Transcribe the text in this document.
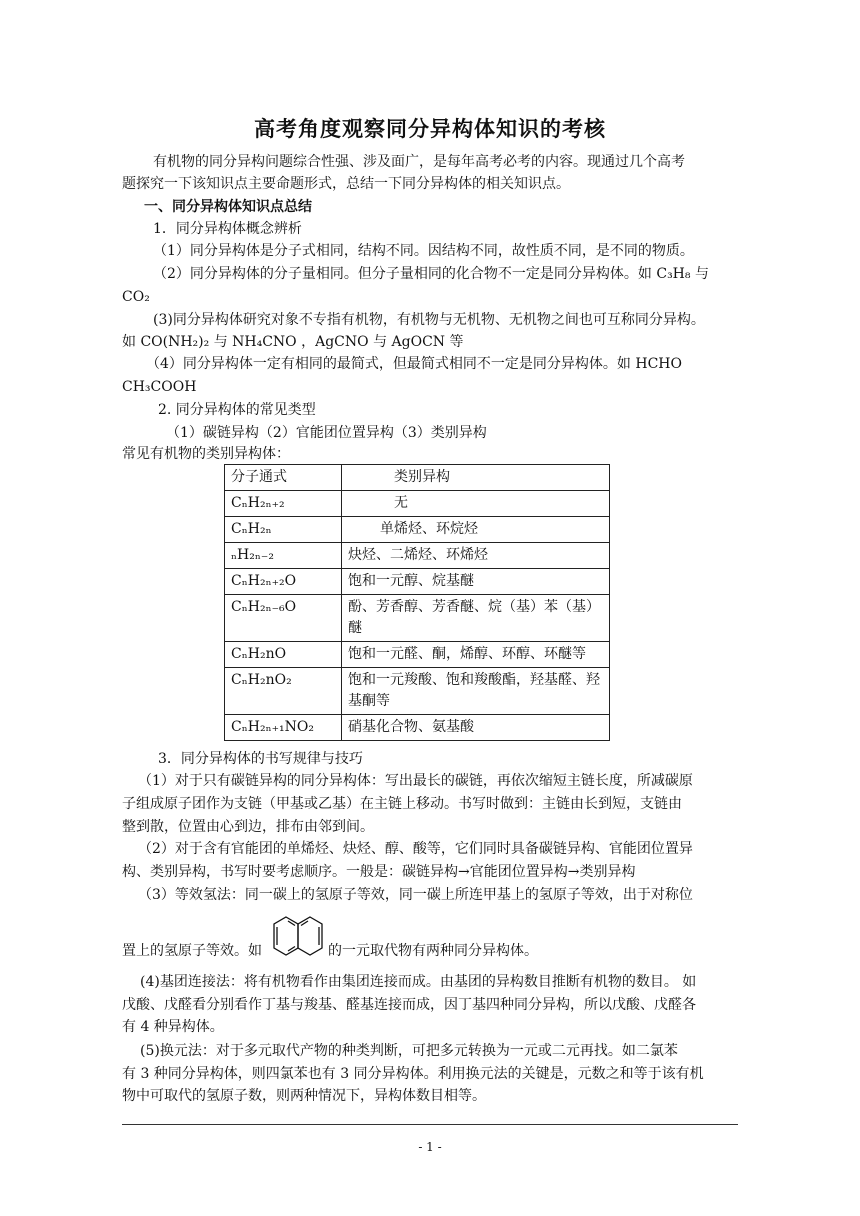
高考角度观察同分异构体知识的考核
有机物的同分异构问题综合性强、涉及面广，是每年高考必考的内容。现通过几个高考
题探究一下该知识点主要命题形式，总结一下同分异构体的相关知识点。
一、同分异构体知识点总结
1．同分异构体概念辨析
（1）同分异构体是分子式相同，结构不同。因结构不同，故性质不同，是不同的物质。
（2）同分异构体的分子量相同。但分子量相同的化合物不一定是同分异构体。如 C₃H₈ 与
CO₂
(3)同分异构体研究对象不专指有机物，有机物与无机物、无机物之间也可互称同分异构。
如 CO(NH₂)₂ 与 NH₄CNO ，AgCNO 与 AgOCN 等
（4）同分异构体一定有相同的最简式，但最简式相同不一定是同分异构体。如 HCHO
CH₃COOH
2. 同分异构体的常见类型
（1）碳链异构（2）官能团位置异构（3）类别异构
常见有机物的类别异构体：
分子通式	类别异构
CₙH₂ₙ₊₂	无
CₙH₂ₙ	单烯烃、环烷烃
ₙH₂ₙ₋₂	炔烃、二烯烃、环烯烃
CₙH₂ₙ₊₂O	饱和一元醇、烷基醚
CₙH₂ₙ₋₆O	酚、芳香醇、芳香醚、烷（基）苯（基）醚
CₙH₂nO	饱和一元醛、酮，烯醇、环醇、环醚等
CₙH₂nO₂	饱和一元羧酸、饱和羧酸酯，羟基醛、羟基酮等
CₙH₂ₙ₊₁NO₂	硝基化合物、氨基酸
3．同分异构体的书写规律与技巧
（1）对于只有碳链异构的同分异构体：写出最长的碳链，再依次缩短主链长度，所减碳原
子组成原子团作为支链（甲基或乙基）在主链上移动。书写时做到：主链由长到短，支链由
整到散，位置由心到边，排布由邻到间。
（2）对于含有官能团的单烯烃、炔烃、醇、酸等，它们同时具备碳链异构、官能团位置异
构、类别异构，书写时要考虑顺序。一般是：碳链异构→官能团位置异构→类别异构
（3）等效氢法：同一碳上的氢原子等效，同一碳上所连甲基上的氢原子等效，出于对称位
置上的氢原子等效。如	的一元取代物有两种同分异构体。
(4)基团连接法：将有机物看作由集团连接而成。由基团的异构数目推断有机物的数目。 如
戊酸、戊醛看分别看作丁基与羧基、醛基连接而成，因丁基四种同分异构，所以戊酸、戊醛各
有 4 种异构体。
(5)换元法：对于多元取代产物的种类判断，可把多元转换为一元或二元再找。如二氯苯
有 3 种同分异构体，则四氯苯也有 3 同分异构体。利用换元法的关键是，元数之和等于该有机
物中可取代的氢原子数，则两种情况下，异构体数目相等。
- 1 -
